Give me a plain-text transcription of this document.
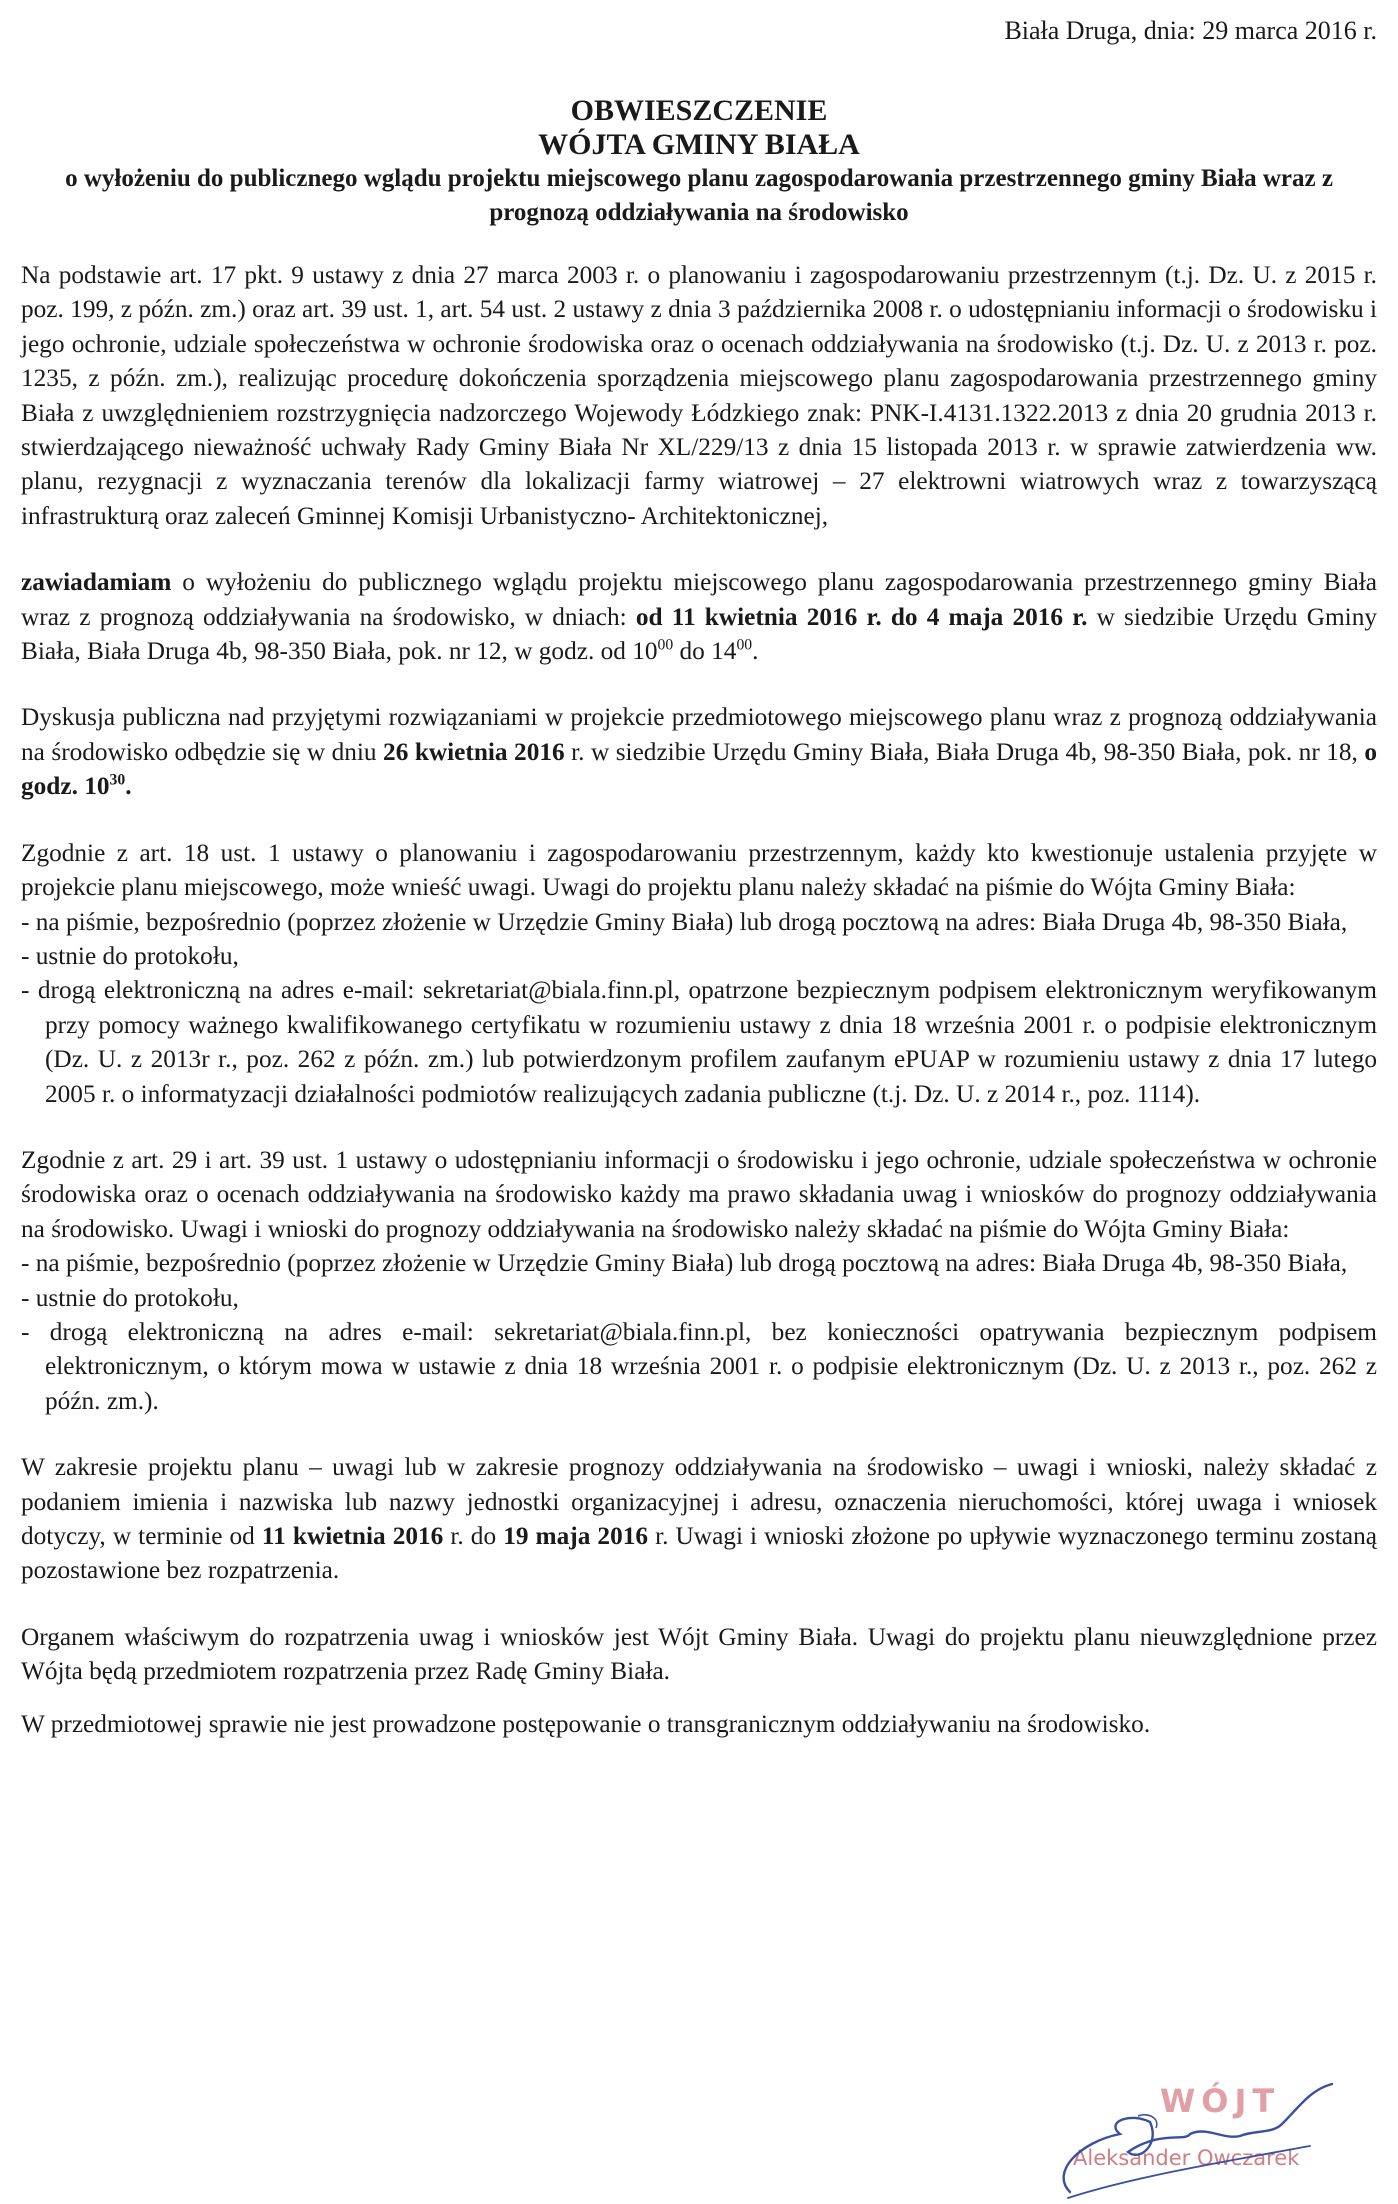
Biała Druga, dnia: 29 marca 2016 r.

OBWIESZCZENIE

WÓJTA GMINY BIAŁA

o wyłożeniu do publicznego wglądu projektu miejscowego planu zagospodarowania przestrzennego gminy Biała wraz z prognozą oddziaływania na środowisko

Na podstawie art. 17 pkt. 9 ustawy z dnia 27 marca 2003 r. o planowaniu i zagospodarowaniu przestrzennym (t.j. Dz. U. z 2015 r. poz. 199, z późn. zm.) oraz art. 39 ust. 1, art. 54 ust. 2 ustawy z dnia 3 października 2008 r. o udostępnianiu informacji o środowisku i jego ochronie, udziale społeczeństwa w ochronie środowiska oraz o ocenach oddziaływania na środowisko (t.j. Dz. U. z 2013 r. poz. 1235, z późn. zm.), realizując procedurę dokończenia sporządzenia miejscowego planu zagospodarowania przestrzennego gminy Biała z uwzględnieniem rozstrzygnięcia nadzorczego Wojewody Łódzkiego znak: PNK-I.4131.1322.2013 z dnia 20 grudnia 2013 r. stwierdzającego nieważność uchwały Rady Gminy Biała Nr XL/229/13 z dnia 15 listopada 2013 r. w sprawie zatwierdzenia ww. planu, rezygnacji z wyznaczania terenów dla lokalizacji farmy wiatrowej – 27 elektrowni wiatrowych wraz z towarzyszącą infrastrukturą oraz zaleceń Gminnej Komisji Urbanistyczno- Architektonicznej,

zawiadamiam o wyłożeniu do publicznego wglądu projektu miejscowego planu zagospodarowania przestrzennego gminy Biała wraz z prognozą oddziaływania na środowisko, w dniach: od 11 kwietnia 2016 r. do 4 maja 2016 r. w siedzibie Urzędu Gminy Biała, Biała Druga 4b, 98-350 Biała, pok. nr 12, w godz. od $10^{00}$ do $14^{00}$.

Dyskusja publiczna nad przyjętymi rozwiązaniami w projekcie przedmiotowego miejscowego planu wraz z prognozą oddziaływania na środowisko odbędzie się w dniu 26 kwietnia 2016 r. w siedzibie Urzędu Gminy Biała, Biała Druga 4b, 98-350 Biała, pok. nr 18, o godz. $10^{30}$.

Zgodnie z art. 18 ust. 1 ustawy o planowaniu i zagospodarowaniu przestrzennym, każdy kto kwestionuje ustalenia przyjęte w projekcie planu miejscowego, może wnieść uwagi. Uwagi do projektu planu należy składać na piśmie do Wójta Gminy Biała:

- na piśmie, bezpośrednio (poprzez złożenie w Urzędzie Gminy Biała) lub drogą pocztową na adres: Biała Druga 4b, 98-350 Biała,
- ustnie do protokołu,
- drogą elektroniczną na adres e-mail: sekretariat@biala.finn.pl, opatrzone bezpiecznym podpisem elektronicznym weryfikowanym przy pomocy ważnego kwalifikowanego certyfikatu w rozumieniu ustawy z dnia 18 września 2001 r. o podpisie elektronicznym (Dz. U. z 2013r r., poz. 262 z późn. zm.) lub potwierdzonym profilem zaufanym ePUAP w rozumieniu ustawy z dnia 17 lutego 2005 r. o informatyzacji działalności podmiotów realizujących zadania publiczne (t.j. Dz. U. z 2014 r., poz. 1114).

Zgodnie z art. 29 i art. 39 ust. 1 ustawy o udostępnianiu informacji o środowisku i jego ochronie, udziale społeczeństwa w ochronie środowiska oraz o ocenach oddziaływania na środowisko każdy ma prawo składania uwag i wniosków do prognozy oddziaływania na środowisko. Uwagi i wnioski do prognozy oddziaływania na środowisko należy składać na piśmie do Wójta Gminy Biała:

- na piśmie, bezpośrednio (poprzez złożenie w Urzędzie Gminy Biała) lub drogą pocztową na adres: Biała Druga 4b, 98-350 Biała,
- ustnie do protokołu,
- drogą elektroniczną na adres e-mail: sekretariat@biala.finn.pl, bez konieczności opatrywania bezpiecznym podpisem elektronicznym, o którym mowa w ustawie z dnia 18 września 2001 r. o podpisie elektronicznym (Dz. U. z 2013 r., poz. 262 z późn. zm.).

W zakresie projektu planu – uwagi lub w zakresie prognozy oddziaływania na środowisko – uwagi i wnioski, należy składać z podaniem imienia i nazwiska lub nazwy jednostki organizacyjnej i adresu, oznaczenia nieruchomości, której uwaga i wniosek dotyczy, w terminie od 11 kwietnia 2016 r. do 19 maja 2016 r. Uwagi i wnioski złożone po upływie wyznaczonego terminu zostaną pozostawione bez rozpatrzenia.

Organem właściwym do rozpatrzenia uwag i wniosków jest Wójt Gminy Biała. Uwagi do projektu planu nieuwzględnione przez Wójta będą przedmiotem rozpatrzenia przez Radę Gminy Biała.

W przedmiotowej sprawie nie jest prowadzone postępowanie o transgranicznym oddziaływaniu na środowisko.

WÓJT
Aleksander Owczarek
